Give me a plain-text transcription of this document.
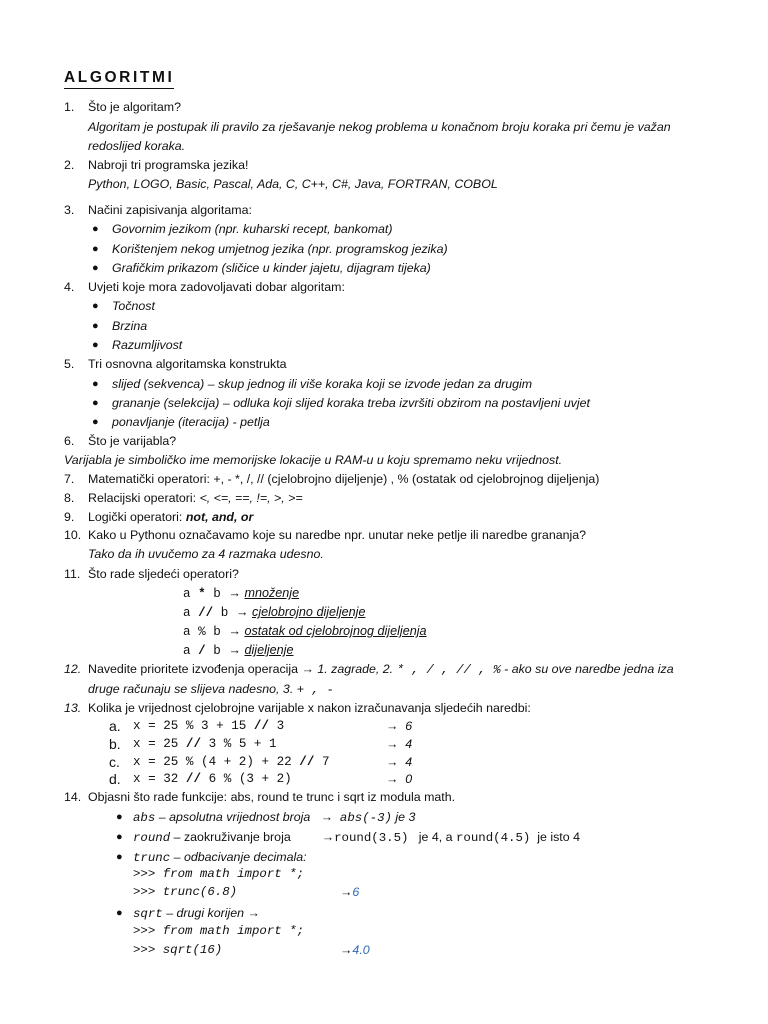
ALGORITMI
1. Što je algoritam?
Algoritam je postupak ili pravilo za rješavanje nekog problema u konačnom broju koraka pri čemu je važan
redoslijed koraka.
2. Nabroji tri programska jezika!
Python, LOGO, Basic, Pascal, Ada, C, C++, C#, Java, FORTRAN, COBOL
3. Načini zapisivanja algoritama:
● Govornim jezikom (npr. kuharski recept, bankomat)
● Korištenjem nekog umjetnog jezika (npr. programskog jezika)
● Grafičkim prikazom (sličice u kinder jajetu, dijagram tijeka)
4. Uvjeti koje mora zadovoljavati dobar algoritam:
● Točnost
● Brzina
● Razumljivost
5. Tri osnovna algoritamska konstrukta
● slijed (sekvenca) – skup jednog ili više koraka koji se izvode jedan za drugim
● grananje (selekcija) – odluka koji slijed koraka treba izvršiti obzirom na postavljeni uvjet
● ponavljanje (iteracija) - petlja
6. Što je varijabla?
Varijabla je simboličko ime memorijske lokacije u RAM-u u koju spremamo neku vrijednost.
7. Matematički operatori: +, - *, /, // (cjelobrojno dijeljenje) , % (ostatak od cjelobrojnog dijeljenja)
8. Relacijski operatori: <, <=, ==, !=, >, >=
9. Logički operatori: not, and, or
10. Kako u Pythonu označavamo koje su naredbe npr. unutar neke petlje ili naredbe grananja?
Tako da ih uvučemo za 4 razmaka udesno.
11. Što rade sljedeći operatori?
a * b → množenje
a // b → cjelobrojno dijeljenje
a % b → ostatak od cjelobrojnog dijeljenja
a / b → dijeljenje
12. Navedite prioritete izvođenja operacija → 1. zagrade, 2. * , / , // , % - ako su ove naredbe jedna iza
druge računaju se slijeva nadesno, 3. + , -
13. Kolika je vrijednost cjelobrojne varijable x nakon izračunavanja sljedećih naredbi:
a. x = 25 % 3 + 15 // 3	→ 6
b. x = 25 // 3 % 5 + 1	→ 4
c. x = 25 % (4 + 2) + 22 // 7	→ 4
d. x = 32 // 6 % (3 + 2)	→ 0
14. Objasni što rade funkcije: abs, round te trunc i sqrt iz modula math.
● abs – apsolutna vrijednost broja   → abs(-3) je 3
● round – zaokruživanje broja         →round(3.5)   je 4, a round(4.5)  je isto 4
● trunc – odbacivanje decimala:
>>> from math import *;
>>> trunc(6.8)	→6
● sqrt – drugi korijen →
>>> from math import *;
>>> sqrt(16)	→4.0
